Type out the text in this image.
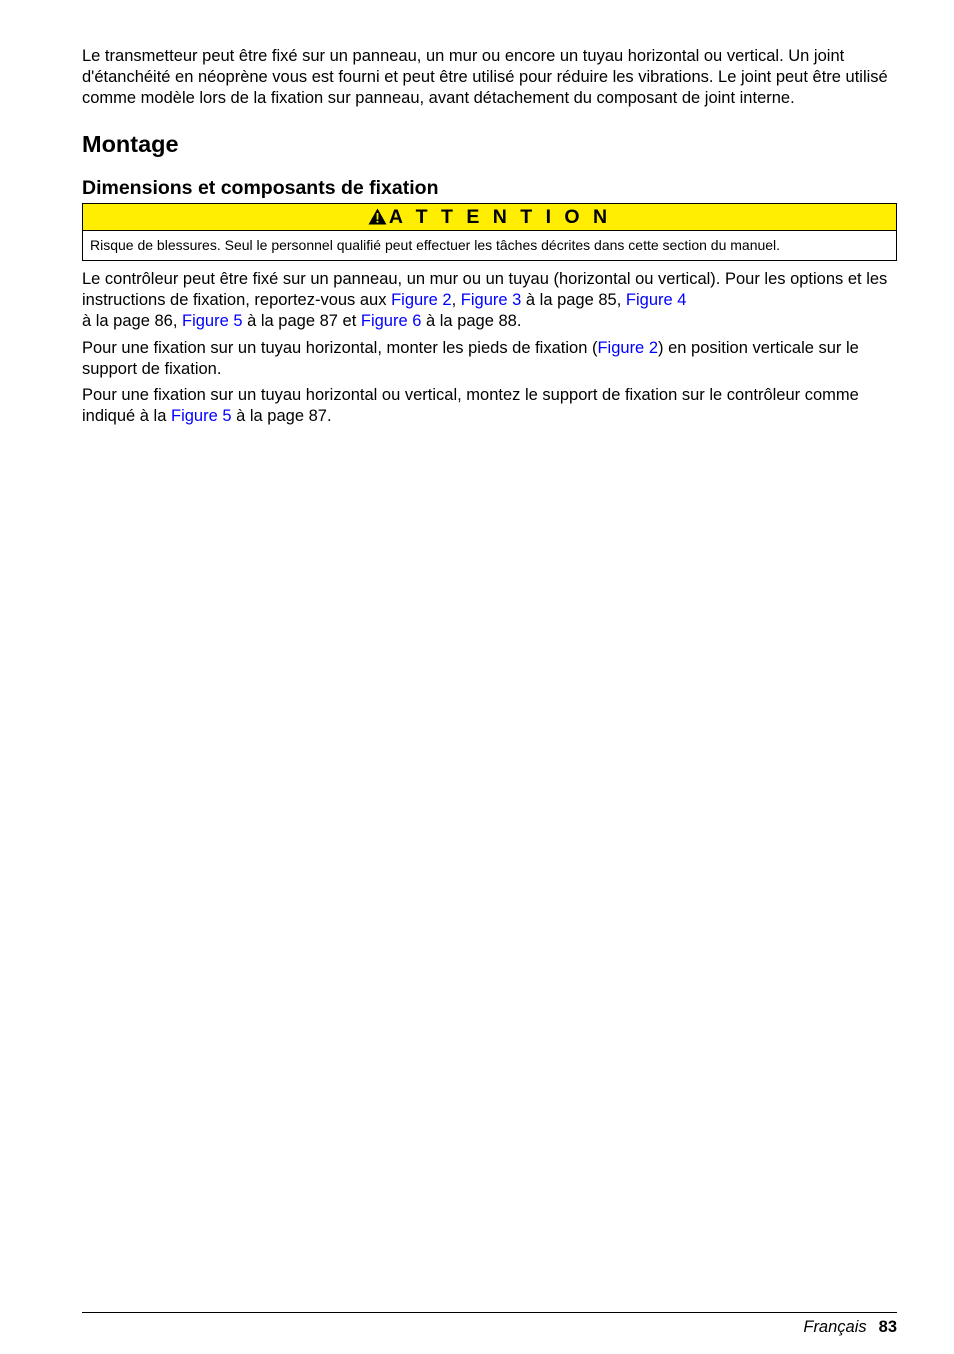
Le transmetteur peut être fixé sur un panneau, un mur ou encore un tuyau horizontal ou vertical. Un joint d'étanchéité en néoprène vous est fourni et peut être utilisé pour réduire les vibrations. Le joint peut être utilisé comme modèle lors de la fixation sur panneau, avant détachement du composant de joint interne.

Montage
Dimensions et composants de fixation
A T T E N T I O N
Risque de blessures. Seul le personnel qualifié peut effectuer les tâches décrites dans cette section du manuel.

Le contrôleur peut être fixé sur un panneau, un mur ou un tuyau (horizontal ou vertical). Pour les options et les instructions de fixation, reportez-vous aux Figure 2, Figure 3 à la page 85, Figure 4
à la page 86, Figure 5 à la page 87 et Figure 6 à la page 88.

Pour une fixation sur un tuyau horizontal, monter les pieds de fixation (Figure 2) en position verticale sur le support de fixation.

Pour une fixation sur un tuyau horizontal ou vertical, montez le support de fixation sur le contrôleur comme indiqué à la Figure 5 à la page 87.

Français 83
